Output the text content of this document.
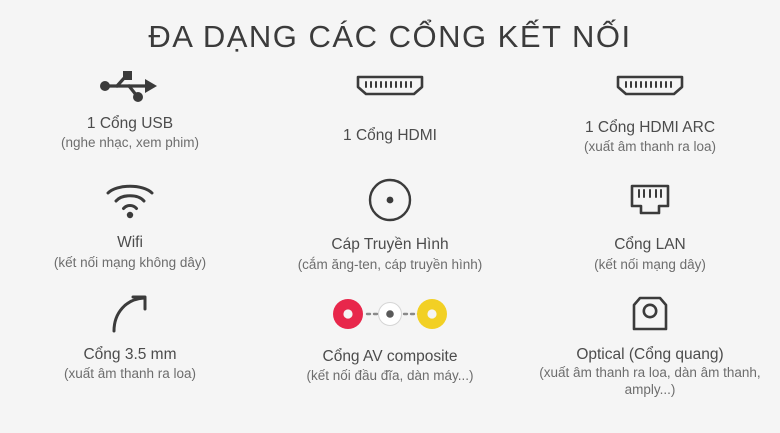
ĐA DẠNG CÁC CỔNG KẾT NỐI
1 Cổng USB
(nghe nhạc, xem phim)	1 Cổng HDMI	1 Cổng HDMI ARC
(xuất âm thanh ra loa)
Wifi
(kết nối mạng không dây)
Cáp Truyền Hình
(cắm ăng-ten, cáp truyền hình)
Cổng LAN
(kết nối mạng dây)
Cổng 3.5 mm
(xuất âm thanh ra loa)
Cổng AV composite
(kết nối đầu đĩa, dàn máy...)
Optical (Cổng quang)
(xuất âm thanh ra loa, dàn âm thanh, amply...)
